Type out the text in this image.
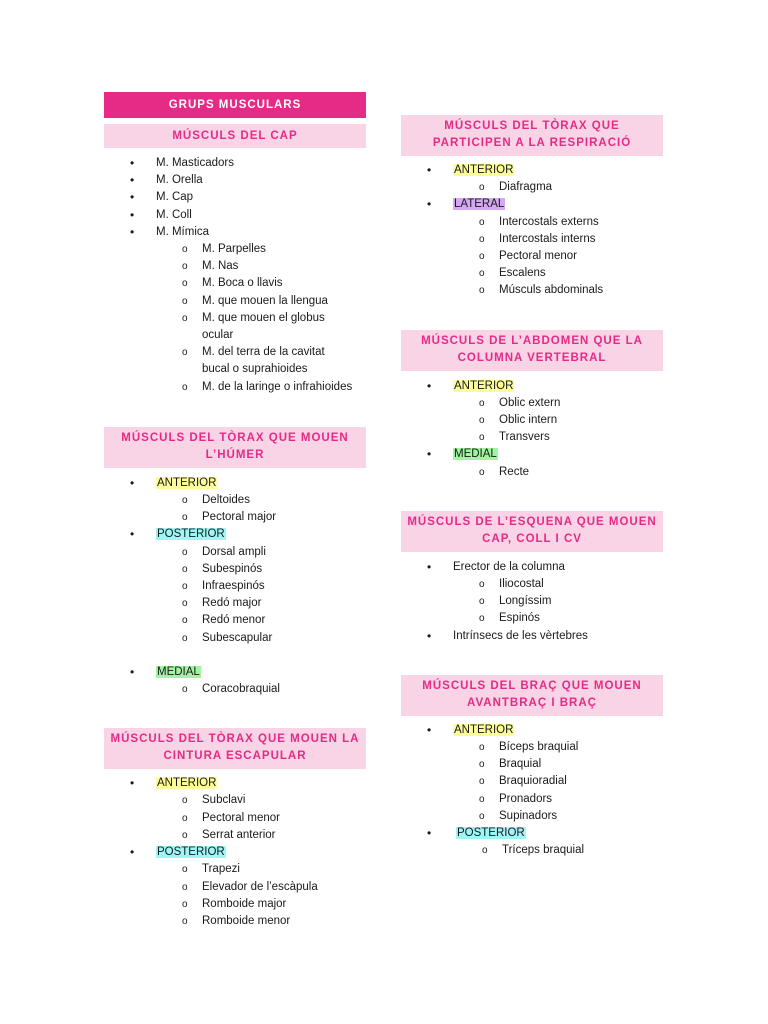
GRUPS MUSCULARS
MÚSCULS DEL CAP
• M. Masticadors
• M. Orella
• M. Cap
• M. Coll
• M. Mímica
o M. Parpelles
o M. Nas
o M. Boca o llavis
o M. que mouen la llengua
o M. que mouen el globus ocular
o M. del terra de la cavitat bucal o suprahioides
o M. de la laringe o infrahioides
MÚSCULS DEL TÒRAX QUE MOUEN L’HÚMER
• ANTERIOR
o Deltoides
o Pectoral major
• POSTERIOR
o Dorsal ampli
o Subespinós
o Infraespinós
o Redó major
o Redó menor
o Subescapular
• MEDIAL
o Coracobraquial
MÚSCULS DEL TÒRAX QUE MOUEN LA CINTURA ESCAPULAR
• ANTERIOR
o Subclavi
o Pectoral menor
o Serrat anterior
• POSTERIOR
o Trapezi
o Elevador de l’escàpula
o Romboide major
o Romboide menor
MÚSCULS DEL TÒRAX QUE PARTICIPEN A LA RESPIRACIÓ
• ANTERIOR
o Diafragma
• LATERAL
o Intercostals externs
o Intercostals interns
o Pectoral menor
o Escalens
o Músculs abdominals
MÚSCULS DE L’ABDOMEN QUE LA COLUMNA VERTEBRAL
• ANTERIOR
o Oblic extern
o Oblic intern
o Transvers
• MEDIAL
o Recte
MÚSCULS DE L’ESQUENA QUE MOUEN CAP, COLL I CV
• Erector de la columna
o Iliocostal
o Longíssim
o Espinós
• Intrínsecs de les vèrtebres
MÚSCULS DEL BRAÇ QUE MOUEN AVANTBRAÇ I BRAÇ
• ANTERIOR
o Bíceps braquial
o Braquial
o Braquioradial
o Pronadors
o Supinadors
• POSTERIOR
o Tríceps braquial
